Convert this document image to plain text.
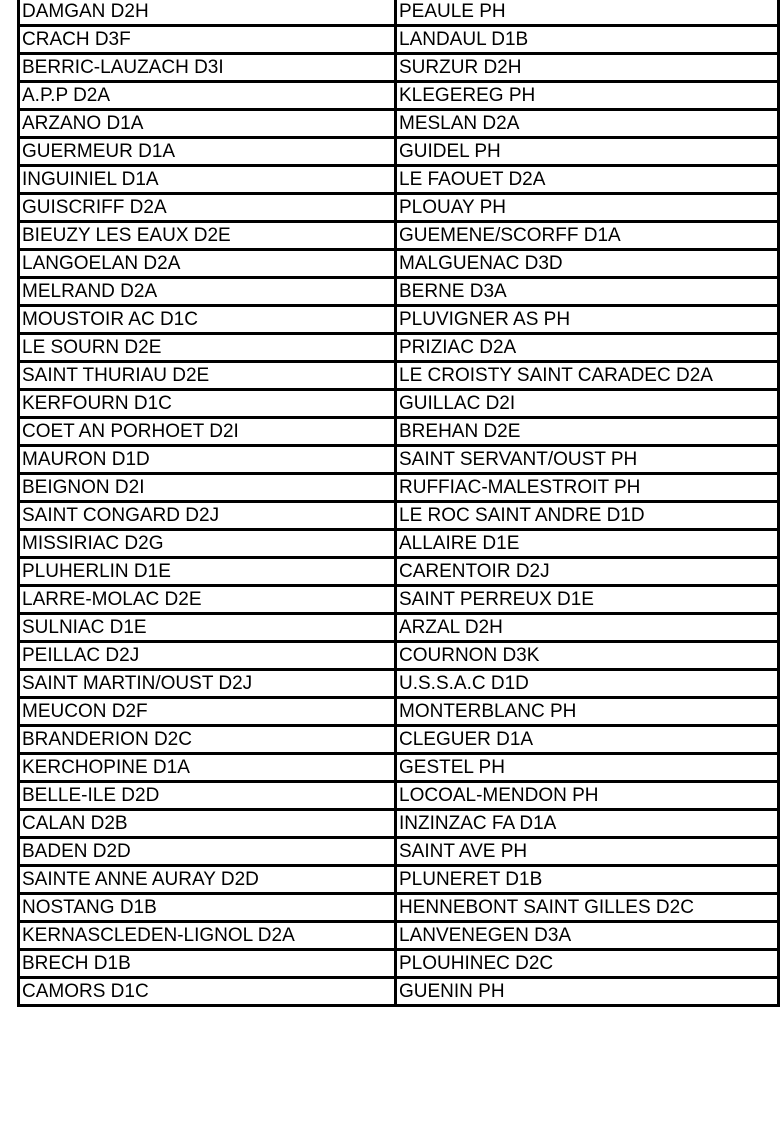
DAMGAN D2H	PEAULE PH
CRACH D3F	LANDAUL D1B
BERRIC-LAUZACH D3I	SURZUR D2H
A.P.P D2A	KLEGEREG PH
ARZANO D1A	MESLAN D2A
GUERMEUR D1A	GUIDEL PH
INGUINIEL D1A	LE FAOUET D2A
GUISCRIFF D2A	PLOUAY PH
BIEUZY LES EAUX D2E	GUEMENE/SCORFF D1A
LANGOELAN D2A	MALGUENAC D3D
MELRAND D2A	BERNE D3A
MOUSTOIR AC D1C	PLUVIGNER AS PH
LE SOURN D2E	PRIZIAC D2A
SAINT THURIAU D2E	LE CROISTY SAINT CARADEC D2A
KERFOURN D1C	GUILLAC D2I
COET AN PORHOET D2I	BREHAN D2E
MAURON D1D	SAINT SERVANT/OUST PH
BEIGNON D2I	RUFFIAC-MALESTROIT PH
SAINT CONGARD D2J	LE ROC SAINT ANDRE D1D
MISSIRIAC D2G	ALLAIRE D1E
PLUHERLIN D1E	CARENTOIR D2J
LARRE-MOLAC D2E	SAINT PERREUX D1E
SULNIAC D1E	ARZAL D2H
PEILLAC D2J	COURNON D3K
SAINT MARTIN/OUST D2J	U.S.S.A.C D1D
MEUCON D2F	MONTERBLANC PH
BRANDERION D2C	CLEGUER D1A
KERCHOPINE D1A	GESTEL PH
BELLE-ILE D2D	LOCOAL-MENDON PH
CALAN D2B	INZINZAC FA D1A
BADEN D2D	SAINT AVE PH
SAINTE ANNE AURAY D2D	PLUNERET D1B
NOSTANG D1B	HENNEBONT SAINT GILLES D2C
KERNASCLEDEN-LIGNOL D2A	LANVENEGEN D3A
BRECH D1B	PLOUHINEC D2C
CAMORS D1C	GUENIN PH
